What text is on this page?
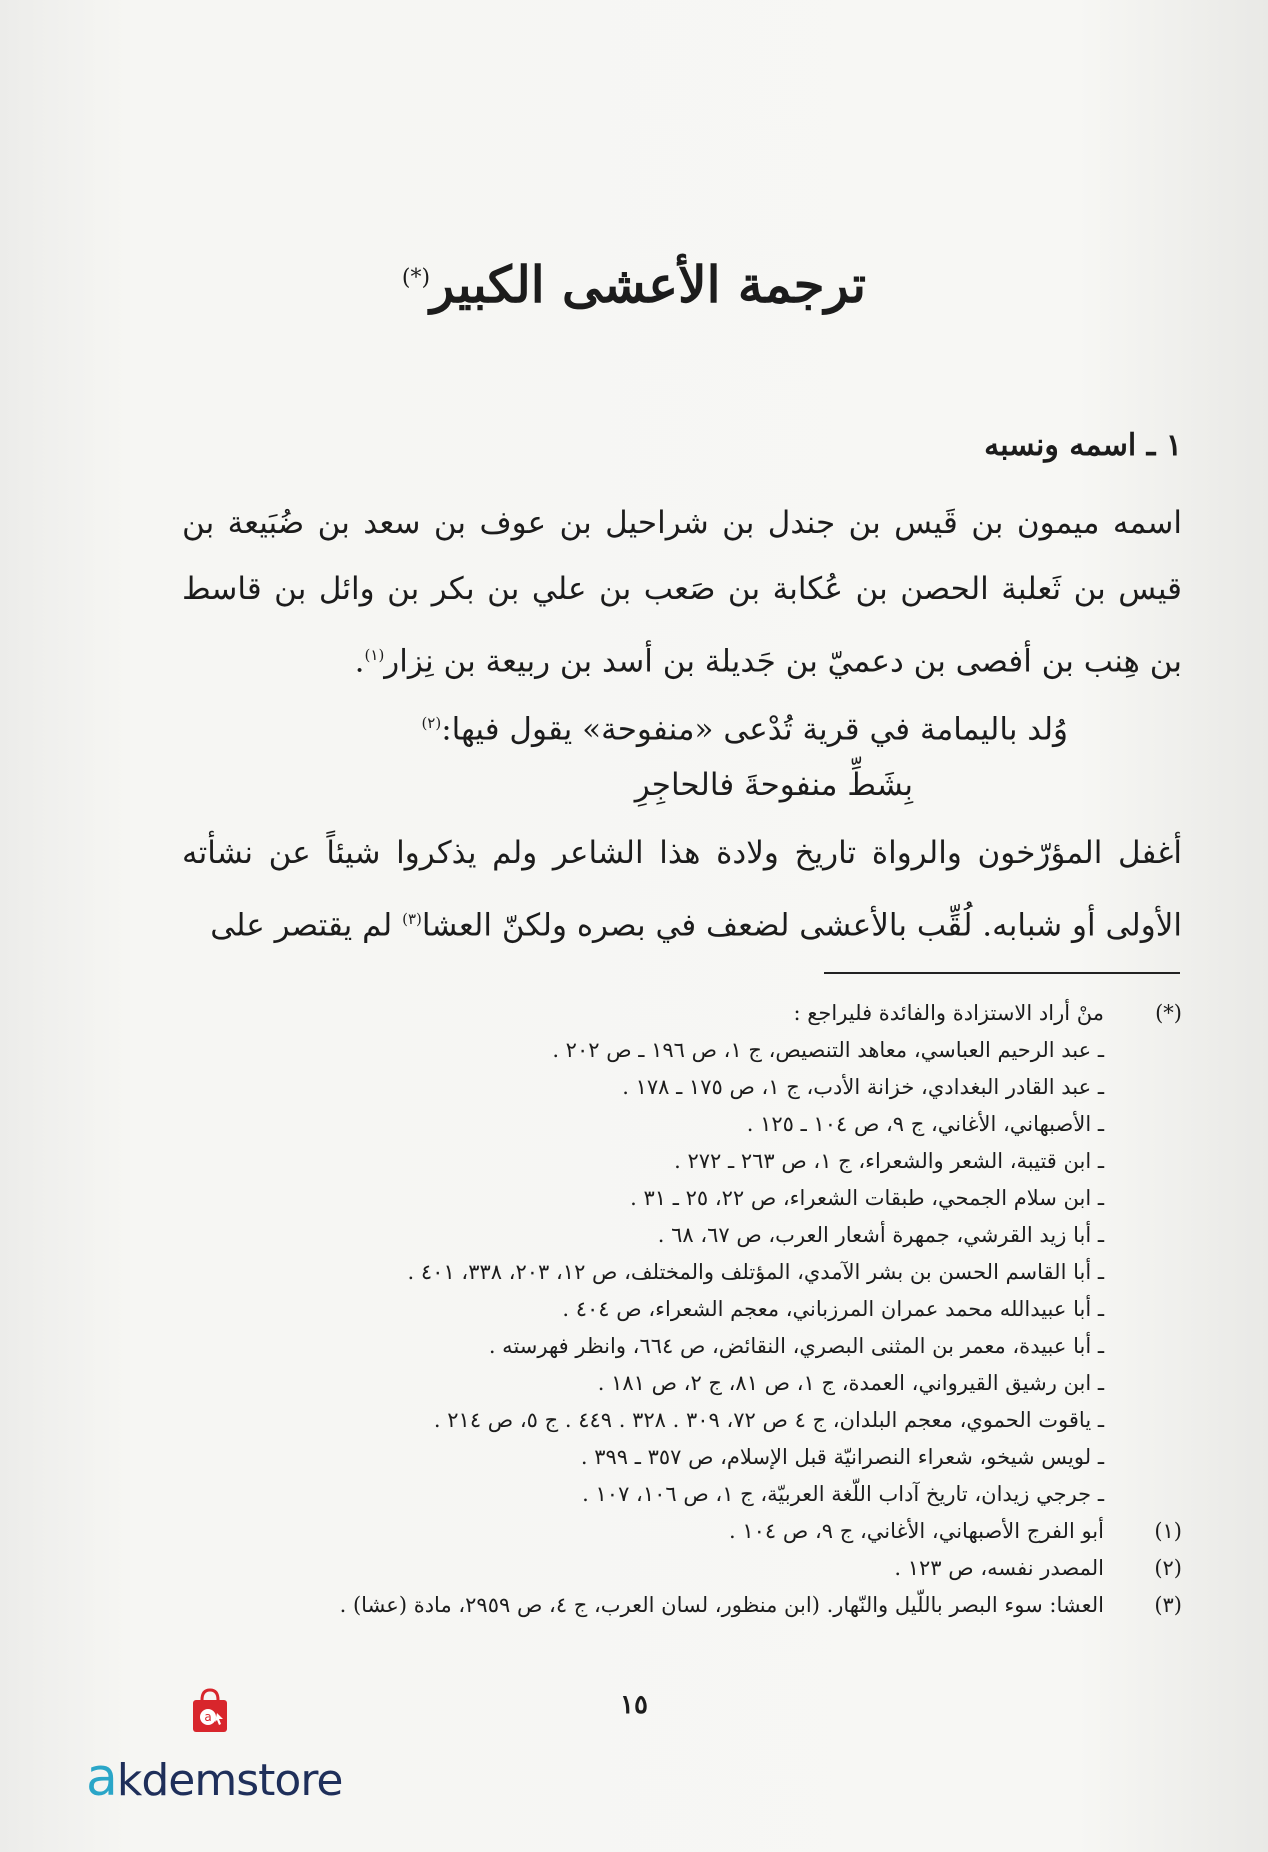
ترجمة الأعشى الكبير(*)
١ ـ اسمه ونسبه
اسمه ميمون بن قَيس بن جندل بن شراحيل بن عوف بن سعد بن ضُبَيعة بن قيس بن ثَعلبة الحصن بن عُكابة بن صَعب بن علي بن بكر بن وائل بن قاسط بن هِنب بن أفصى بن دعميّ بن جَديلة بن أسد بن ربيعة بن نِزار$^{(١)}$.
وُلد باليمامة في قرية تُدْعى «منفوحة» يقول فيها:$^{(٢)}$
بِشَطِّ منفوحةَ فالحاجِرِ
أغفل المؤرّخون والرواة تاريخ ولادة هذا الشاعر ولم يذكروا شيئاً عن نشأته الأولى أو شبابه. لُقِّب بالأعشى لضعف في بصره ولكنّ العشا$^{(٣)}$ لم يقتصر على
(*)
منْ أراد الاستزادة والفائدة فليراجع :
ـ عبد الرحيم العباسي، معاهد التنصيص، ج ١، ص ١٩٦ ـ ص ٢٠٢ .
ـ عبد القادر البغدادي، خزانة الأدب، ج ١، ص ١٧٥ ـ ١٧٨ .
ـ الأصبهاني، الأغاني، ج ٩، ص ١٠٤ ـ ١٢٥ .
ـ ابن قتيبة، الشعر والشعراء، ج ١، ص ٢٦٣ ـ ٢٧٢ .
ـ ابن سلام الجمحي، طبقات الشعراء، ص ٢٢، ٢٥ ـ ٣١ .
ـ أبا زيد القرشي، جمهرة أشعار العرب، ص ٦٧، ٦٨ .
ـ أبا القاسم الحسن بن بشر الآمدي، المؤتلف والمختلف، ص ١٢، ٢٠٣، ٣٣٨، ٤٠١ .
ـ أبا عبيدالله محمد عمران المرزباني، معجم الشعراء، ص ٤٠٤ .
ـ أبا عبيدة، معمر بن المثنى البصري، النقائض، ص ٦٦٤، وانظر فهرسته .
ـ ابن رشيق القيرواني، العمدة، ج ١، ص ٨١، ج ٢، ص ١٨١ .
ـ ياقوت الحموي، معجم البلدان، ج ٤ ص ٧٢، ٣٠٩ . ٣٢٨ . ٤٤٩ . ج ٥، ص ٢١٤ .
ـ لويس شيخو، شعراء النصرانيّة قبل الإسلام، ص ٣٥٧ ـ ٣٩٩ .
ـ جرجي زيدان، تاريخ آداب اللّغة العربيّة، ج ١، ص ١٠٦، ١٠٧ .
(١)
أبو الفرج الأصبهاني، الأغاني، ج ٩، ص ١٠٤ .
(٢)
المصدر نفسه، ص ١٢٣ .
(٣)
العشا: سوء البصر باللّيل والنّهار. (ابن منظور، لسان العرب، ج ٤، ص ٢٩٥٩، مادة (عشا) .
١٥
a
akdemstore
